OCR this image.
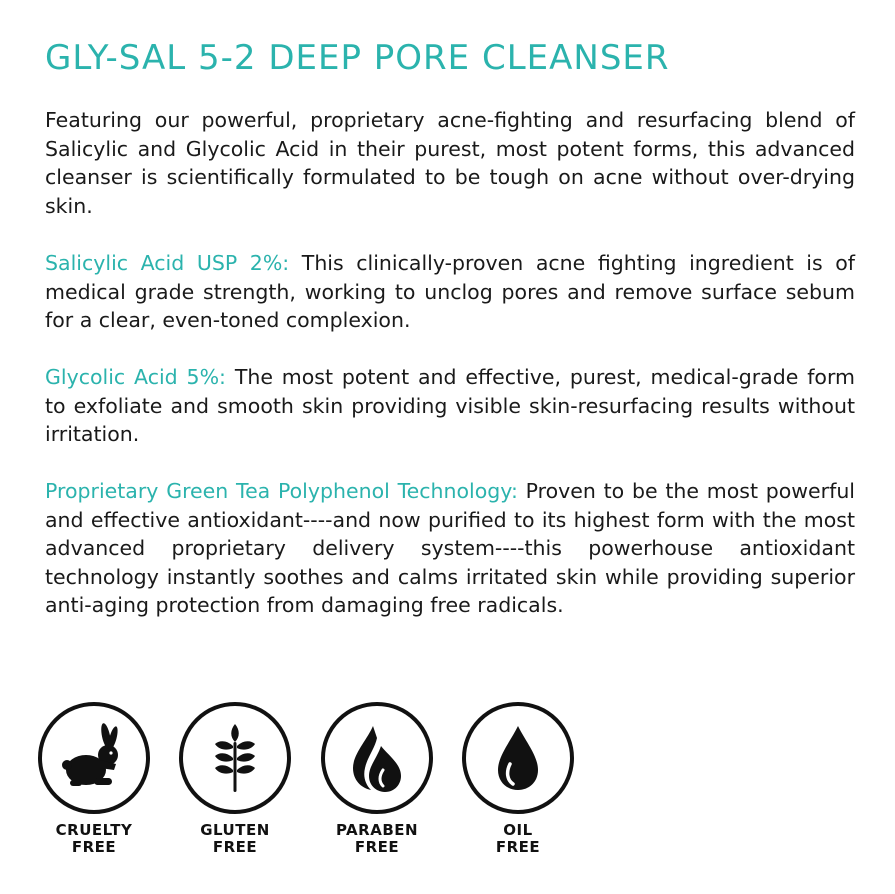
GLY-SAL 5-2 DEEP PORE CLEANSER

Featuring our powerful, proprietary acne-fighting and resurfacing blend of Salicylic and Glycolic Acid in their purest, most potent forms, this advanced cleanser is scientifically formulated to be tough on acne without over-drying skin.

Salicylic Acid USP 2%: This clinically-proven acne fighting ingredient is of medical grade strength, working to unclog pores and remove surface sebum for a clear, even-toned complexion.

Glycolic Acid 5%: The most potent and effective, purest, medical-grade form to exfoliate and smooth skin providing visible skin-resurfacing results without irritation.

Proprietary Green Tea Polyphenol Technology: Proven to be the most powerful and effective antioxidant----and now purified to its highest form with the most advanced proprietary delivery system----this powerhouse antioxidant technology instantly soothes and calms irritated skin while providing superior anti-aging protection from damaging free radicals.

CRUELTY
FREE
GLUTEN
FREE
PARABEN
FREE
OIL
FREE
